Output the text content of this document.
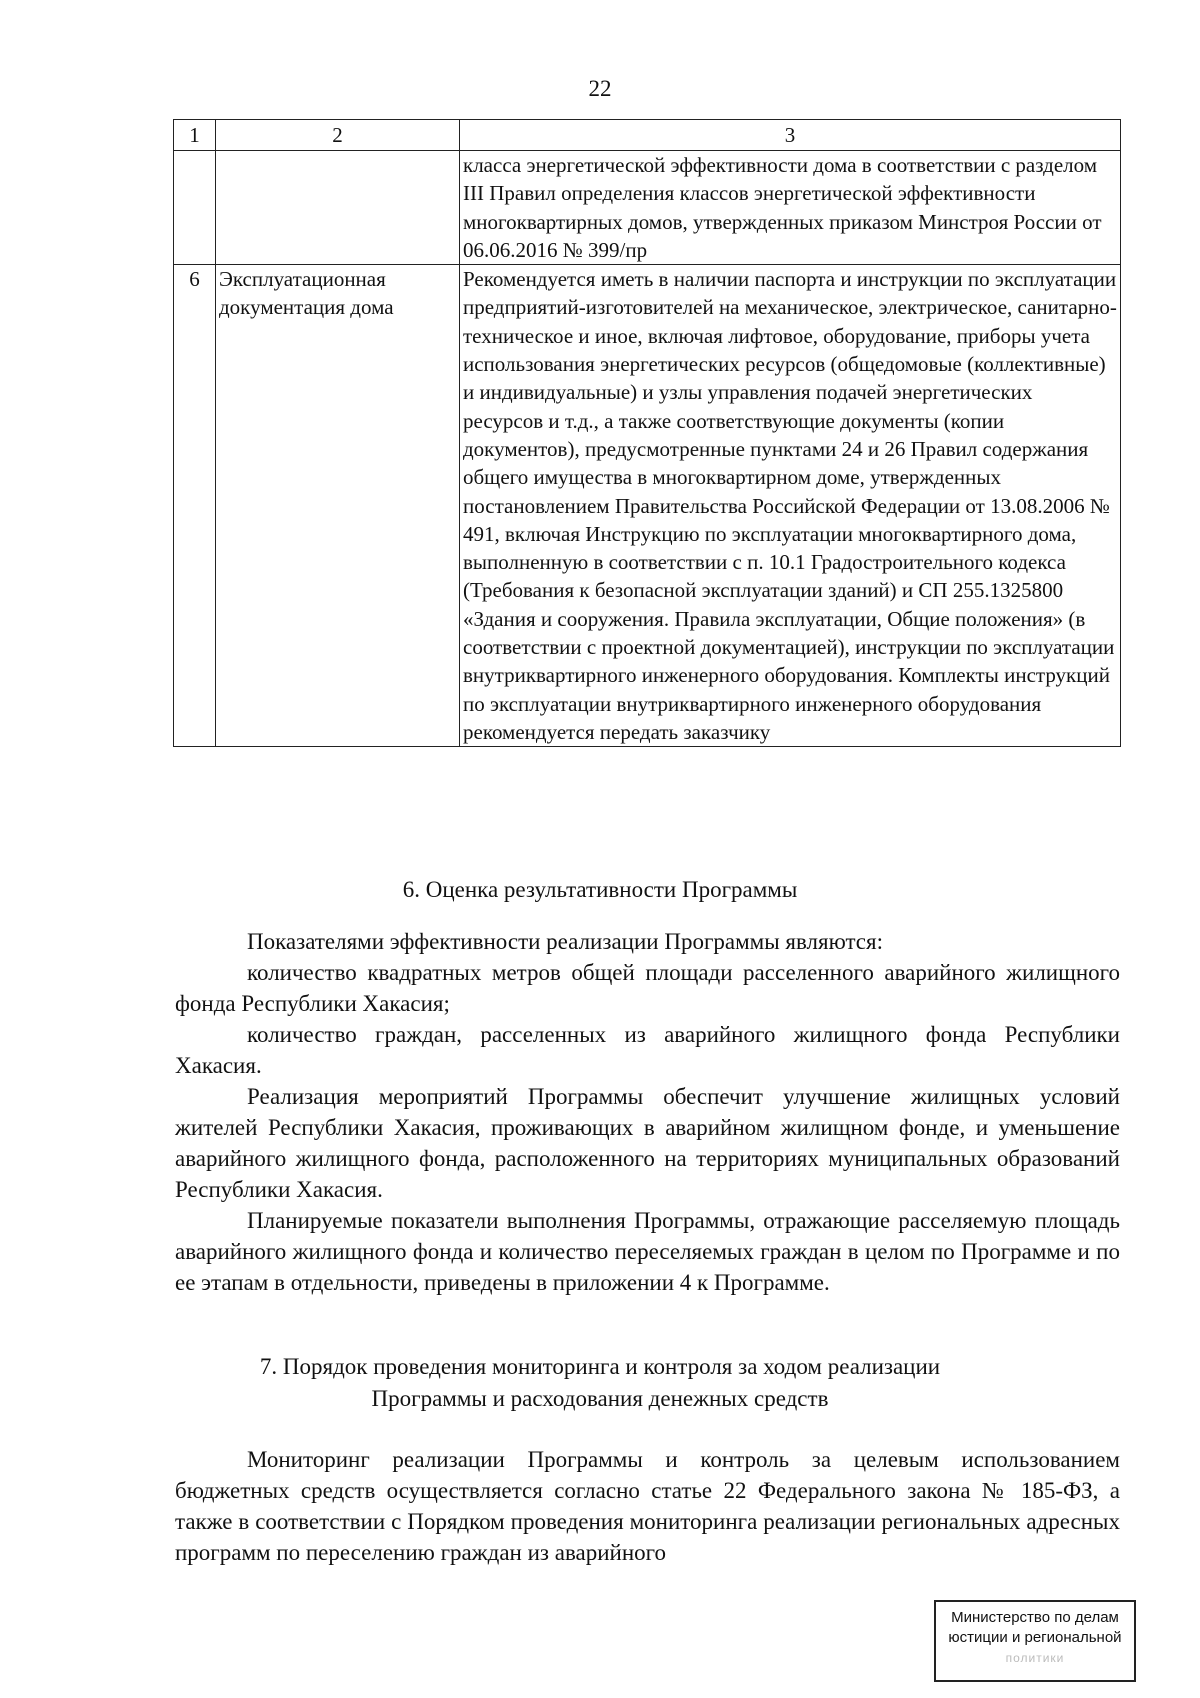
22
1	2	3
		класса энергетической эффективности дома в соответствии с разделом III Правил определения классов энергетической эффективности многоквартирных домов, утвержденных приказом Минстроя России от 06.06.2016 № 399/пр
6	Эксплуатационная документация дома	Рекомендуется иметь в наличии паспорта и инструкции по эксплуатации предприятий-изготовителей на механическое, электрическое, санитарно-техническое и иное, включая лифтовое, оборудование, приборы учета использования энергетических ресурсов (общедомовые (коллективные) и индивидуальные) и узлы управления подачей энергетических ресурсов и т.д., а также соответствующие документы (копии документов), предусмотренные пунктами 24 и 26 Правил содержания общего имущества в многоквартирном доме, утвержденных постановлением Правительства Российской Федерации от 13.08.2006 № 491, включая Инструкцию по эксплуатации многоквартирного дома, выполненную в соответствии с п. 10.1 Градостроительного кодекса (Требования к безопасной эксплуатации зданий) и СП 255.1325800 «Здания и сооружения. Правила эксплуатации, Общие положения» (в соответствии с проектной документацией), инструкции по эксплуатации внутриквартирного инженерного оборудования. Комплекты инструкций по эксплуатации внутриквартирного инженерного оборудования рекомендуется передать заказчику
6. Оценка результативности Программы

Показателями эффективности реализации Программы являются:

количество квадратных метров общей площади расселенного аварийного жилищного фонда Республики Хакасия;

количество граждан, расселенных из аварийного жилищного фонда Республики Хакасия.

Реализация мероприятий Программы обеспечит улучшение жилищных условий жителей Республики Хакасия, проживающих в аварийном жилищном фонде, и уменьшение аварийного жилищного фонда, расположенного на территориях муниципальных образований Республики Хакасия.

Планируемые показатели выполнения Программы, отражающие расселяемую площадь аварийного жилищного фонда и количество переселяемых граждан в целом по Программе и по ее этапам в отдельности, приведены в приложении 4 к Программе.

7. Порядок проведения мониторинга и контроля за ходом реализации
Программы и расходования денежных средств

Мониторинг реализации Программы и контроль за целевым использованием бюджетных средств осуществляется согласно статье 22 Федерального закона № 185-ФЗ, а также в соответствии с Порядком проведения мониторинга реализации региональных адресных программ по переселению граждан из аварийного

Министерство по делам
юстиции и региональной
политики
